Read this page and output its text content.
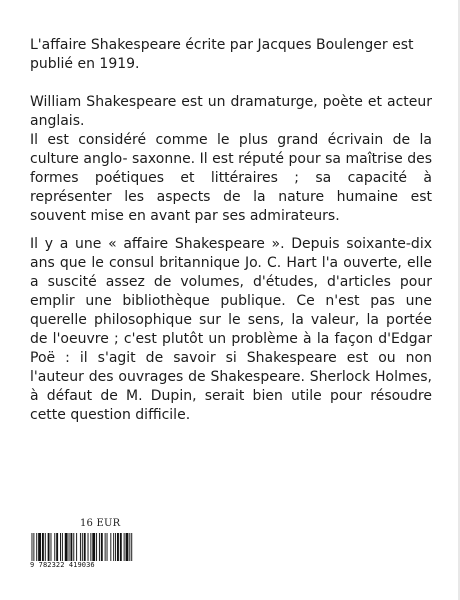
L'affaire Shakespeare écrite par Jacques Boulenger est publié en 1919.

William Shakespeare est un dramaturge, poète et acteur anglais.

Il est considéré comme le plus grand écrivain de la culture anglo- saxonne. Il est réputé pour sa maîtrise des formes poétiques et littéraires ; sa capacité à représenter les aspects de la nature humaine est souvent mise en avant par ses admirateurs.

Il y a une « affaire Shakespeare ». Depuis soixante-dix ans que le consul britannique Jo. C. Hart l'a ouverte, elle a suscité assez de volumes, d'études, d'articles pour emplir une bibliothèque publique. Ce n'est pas une querelle philosophique sur le sens, la valeur, la portée de l'oeuvre ; c'est plutôt un problème à la façon d'Edgar Poë : il s'agit de savoir si Shakespeare est ou non l'auteur des ouvrages de Shakespeare. Sherlock Holmes, à défaut de M. Dupin, serait bien utile pour résoudre cette question difficile.

16 EUR
9 782322 419036
